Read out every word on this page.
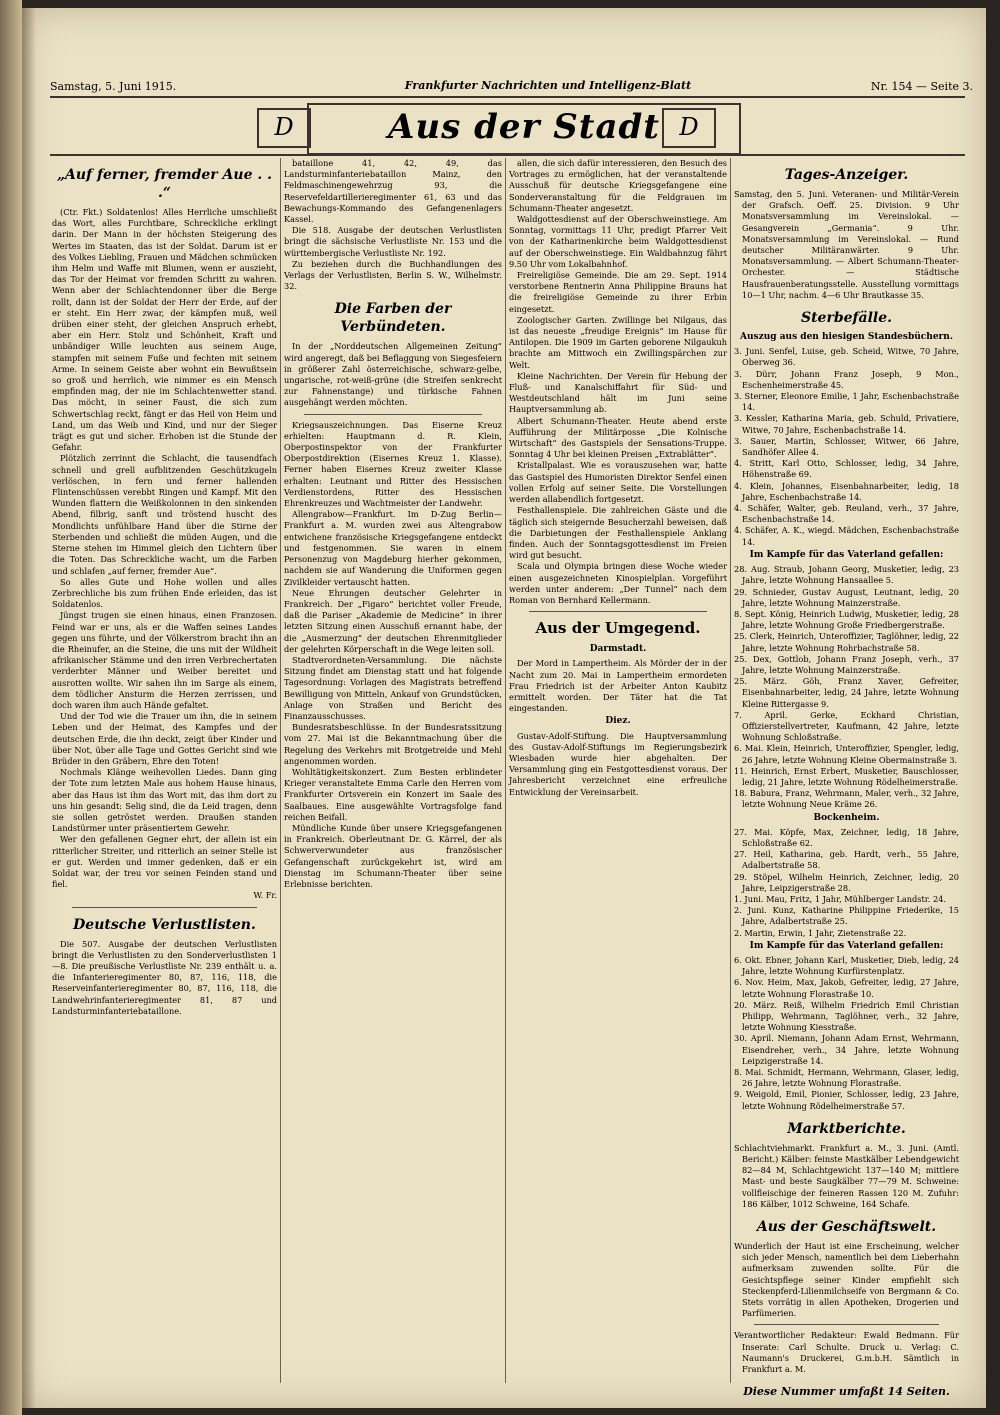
Samstag, 5. Juni 1915.	Frankfurter Nachrichten und Intelligenz-Blatt	Nr. 154 — Seite 3.
D	Aus der Stadt D
„Auf ferner, fremder Aue . . .“

(Ctr. Fkt.) Soldatenlos! Alles Herrliche umschließt das Wort, alles Furchtbare, Schreckliche erklingt darin. Der Mann in der höchsten Steigerung des Wertes im Staaten, das ist der Soldat. Darum ist er des Volkes Liebling, Frauen und Mädchen schmücken ihm Helm und Waffe mit Blumen, wenn er auszieht, das Tor der Heimat vor fremden Schritt zu wahren. Wenn aber der Schlachtendonner über die Berge rollt, dann ist der Soldat der Herr der Erde, auf der er steht. Ein Herr zwar, der kämpfen muß, weil drüben einer steht, der gleichen Anspruch erhebt, aber ein Herr. Stolz und Schönheit, Kraft und unbändiger Wille leuchten aus seinem Auge, stampfen mit seinem Fuße und fechten mit seinem Arme. In seinem Geiste aber wohnt ein Bewußtsein so groß und herrlich, wie nimmer es ein Mensch empfinden mag, der nie im Schlachtenwetter stand. Das möcht, in seiner Faust, die sich zum Schwertschlag reckt, fängt er das Heil von Heim und Land, um das Weib und Kind, und nur der Sieger trägt es gut und sicher. Erhoben ist die Stunde der Gefahr.

Plötzlich zerrinnt die Schlacht, die tausendfach schnell und grell aufblitzenden Geschützkugeln verlöschen, in fern und ferner hallenden Flintenschüssen verebbt Ringen und Kampf. Mit den Wunden flattern die Weißkolonnen in den sinkenden Abend, filbrig, sanft und tröstend huscht des Mondlichts unfühlbare Hand über die Stirne der Sterbenden und schließt die müden Augen, und die Sterne stehen im Himmel gleich den Lichtern über die Toten. Das Schreckliche wacht, um die Farben und schlafen „auf ferner, fremder Aue“.

So alles Gute und Hohe wollen und alles Zerbrechliche bis zum frühen Ende erleiden, das ist Soldatenlos.

Jüngst trugen sie einen hinaus, einen Franzosen. Feind war er uns, als er die Waffen seines Landes gegen uns führte, und der Völkerstrom bracht ihn an die Rheinufer, an die Steine, die uns mit der Wildheit afrikanischer Stämme und den irren Verbrechertaten verderbter Männer und Weiber bereitet und ausrotten wollte. Wir sahen ihn im Sarge als einem, dem tödlicher Ansturm die Herzen zerrissen, und doch waren ihm auch Hände gefaltet.

Und der Tod wie die Trauer um ihn, die in seinem Leben und der Heimat, des Kampfes und der deutschen Erde, die ihn deckt, zeigt über Kinder und über Not, über alle Tage und Gottes Gericht sind wie Brüder in den Gräbern, Ehre den Toten!

Nochmals Klänge weihevollen Liedes. Dann ging der Tote zum letzten Male aus hohem Hause hinaus, aber das Haus ist ihm das Wort mit, das ihm dort zu uns hin gesandt: Selig sind, die da Leid tragen, denn sie sollen getröstet werden. Draußen standen Landstürmer unter präsentiertem Gewehr.

Wer den gefallenen Gegner ehrt, der allein ist ein ritterlicher Streiter, und ritterlich an seiner Stelle ist er gut. Werden und immer gedenken, daß er ein Soldat war, der treu vor seinen Feinden stand und fiel.

W. Fr.

Deutsche Verlustlisten.

Die 507. Ausgabe der deutschen Verlustlisten bringt die Verlustlisten zu den Sonderverlustlisten 1—8. Die preußische Verlustliste Nr. 239 enthält u. a. die Infanterieregimenter 80, 87, 116, 118, die Reserveinfanterieregimenter 80, 87, 116, 118, die Landwehrinfanterieregimenter 81, 87 und Landsturminfanteriebataillone.

bataillone 41, 42, 49, das Landsturminfanteriebataillon Mainz, den Feldmaschinengewehrzug 93, die Reservefeldartillerieregimenter 61, 63 und das Bewachungs-Kommando des Gefangenenlagers Kassel.

Die 518. Ausgabe der deutschen Verlustlisten bringt die sächsische Verlustliste Nr. 153 und die württembergische Verlustliste Nr. 192.

Zu beziehen durch die Buchhandlungen des Verlags der Verlustlisten, Berlin S. W., Wilhelmstr. 32.

Die Farben der Verbündeten.

In der „Norddeutschen Allgemeinen Zeitung“ wird angeregt, daß bei Beflaggung von Siegesfeiern in größerer Zahl österreichische, schwarz-gelbe, ungarische, rot-weiß-grüne (die Streifen senkrecht zur Fahnenstange) und türkische Fahnen ausgehängt werden möchten.

Kriegsauszeichnungen. Das Eiserne Kreuz erhielten: Hauptmann d. R. Klein, Oberpostinspektor von der Frankfurter Oberpostdirektion (Eisernes Kreuz 1. Klasse). Ferner haben Eisernes Kreuz zweiter Klasse erhalten: Leutnant und Ritter des Hessischen Verdienstordens, Ritter des Hessischen Ehrenkreuzes und Wachtmeister der Landwehr.

Allengrabow—Frankfurt. Im D-Zug Berlin—Frankfurt a. M. wurden zwei aus Altengrabow entwichene französische Kriegsgefangene entdeckt und festgenommen. Sie waren in einem Personenzug von Magdeburg hierher gekommen, nachdem sie auf Wanderung die Uniformen gegen Zivilkleider vertauscht hatten.

Neue Ehrungen deutscher Gelehrter in Frankreich. Der „Figaro“ berichtet voller Freude, daß die Pariser „Akademie de Medicine“ in ihrer letzten Sitzung einen Ausschuß ernannt habe, der die „Ausmerzung“ der deutschen Ehrenmitglieder der gelehrten Körperschaft in die Wege leiten soll.

Stadtverordneten-Versammlung. Die nächste Sitzung findet am Dienstag statt und hat folgende Tagesordnung: Vorlagen des Magistrats betreffend Bewilligung von Mitteln, Ankauf von Grundstücken, Anlage von Straßen und Bericht des Finanzausschusses.

Bundesratsbeschlüsse. In der Bundesratssitzung vom 27. Mai ist die Bekanntmachung über die Regelung des Verkehrs mit Brotgetreide und Mehl angenommen worden.

Wohltätigkeitskonzert. Zum Besten erblindeter Krieger veranstaltete Emma Carle den Herren vom Frankfurter Ortsverein ein Konzert im Saale des Saalbaues. Eine ausgewählte Vortragsfolge fand reichen Beifall.

Mündliche Kunde über unsere Kriegsgefangenen in Frankreich. Oberleutnant Dr. G. Kärrel, der als Schwerverwundeter aus französischer Gefangenschaft zurückgekehrt ist, wird am Dienstag im Schumann-Theater über seine Erlebnisse berichten.

allen, die sich dafür interessieren, den Besuch des Vortrages zu ermöglichen, hat der veranstaltende Ausschuß für deutsche Kriegsgefangene eine Sonderveranstaltung für die Feldgrauen im Schumann-Theater angesetzt.

Waldgottesdienst auf der Oberschweinstiege. Am Sonntag, vormittags 11 Uhr, predigt Pfarrer Veit von der Katharinenkirche beim Waldgottesdienst auf der Oberschweinstiege. Ein Waldbahnzug fährt 9.50 Uhr vom Lokalbahnhof.

Freireligiöse Gemeinde. Die am 29. Sept. 1914 verstorbene Rentnerin Anna Philippine Brauns hat die freireligiöse Gemeinde zu ihrer Erbin eingesetzt.

Zoologischer Garten. Zwillinge bei Nilgaus, das ist das neueste „freudige Ereignis“ im Hause für Antilopen. Die 1909 im Garten geborene Nilgaukuh brachte am Mittwoch ein Zwillingspärchen zur Welt.

Kleine Nachrichten. Der Verein für Hebung der Fluß- und Kanalschiffahrt für Süd- und Westdeutschland hält im Juni seine Hauptversammlung ab.

Albert Schumann-Theater. Heute abend erste Aufführung der Militärposse „Die Kolnische Wirtschaft“ des Gastspiels der Sensations-Truppe. Sonntag 4 Uhr bei kleinen Preisen „Extrablätter“.

Kristallpalast. Wie es vorauszusehen war, hatte das Gastspiel des Humoristen Direktor Senfel einen vollen Erfolg auf seiner Seite. Die Vorstellungen werden allabendlich fortgesetzt.

Festhallenspiele. Die zahlreichen Gäste und die täglich sich steigernde Besucherzahl beweisen, daß die Darbietungen der Festhallenspiele Anklang finden. Auch der Sonntagsgottesdienst im Freien wird gut besucht.

Scala und Olympia bringen diese Woche wieder einen ausgezeichneten Kinospielplan. Vorgeführt werden unter anderem: „Der Tunnel“ nach dem Roman von Bernhard Kellermann.

Aus der Umgegend.
Darmstadt.

Der Mord in Lampertheim. Als Mörder der in der Nacht zum 20. Mai in Lampertheim ermordeten Frau Friedrich ist der Arbeiter Anton Kaubitz ermittelt worden. Der Täter hat die Tat eingestanden.

Diez.

Gustav-Adolf-Stiftung. Die Hauptversammlung des Gustav-Adolf-Stiftungs im Regierungsbezirk Wiesbaden wurde hier abgehalten. Der Versammlung ging ein Festgottesdienst voraus. Der Jahresbericht verzeichnet eine erfreuliche Entwicklung der Vereinsarbeit.

Tages-Anzeiger.

Samstag, den 5. Juni. Veteranen- und Militär-Verein der Grafsch. Oeff. 25. Division. 9 Uhr Monatsversammlung im Vereinslokal. — Gesangverein „Germania“. 9 Uhr. Monatsversammlung im Vereinslokal. — Rund deutscher Militäranwärter. 9 Uhr. Monatsversammlung. — Albert Schumann-Theater-Orchester. — Städtische Hausfrauenberatungsstelle. Ausstellung vormittags 10—1 Uhr, nachm. 4—6 Uhr Brautkasse 35.

Sterbefälle.
Auszug aus den hiesigen Standesbüchern.

3. Juni. Senfel, Luise, geb. Scheid, Witwe, 70 Jahre, Oberweg 36.

3. Dürr, Johann Franz Joseph, 9 Mon., Eschenheimerstraße 45.

3. Sterner, Eleonore Emilie, 1 Jahr, Eschenbachstraße 14.

3. Kessler, Katharina Maria, geb. Schuld, Privatiere, Witwe, 70 Jahre, Eschenbachstraße 14.

3. Sauer, Martin, Schlosser, Witwer, 66 Jahre, Sandhöfer Allee 4.

4. Stritt, Karl Otto, Schlosser, ledig, 34 Jahre, Höhenstraße 69.

4. Klein, Johannes, Eisenbahnarbeiter, ledig, 18 Jahre, Eschenbachstraße 14.

4. Schäfer, Walter, geb. Reuland, verh., 37 Jahre, Eschenbachstraße 14.

4. Schäfer, A. K., wiegd. Mädchen, Eschenbachstraße 14.

Im Kampfe für das Vaterland gefallen:

28. Aug. Straub, Johann Georg, Musketier, ledig, 23 Jahre, letzte Wohnung Hansaallee 5.

29. Schnieder, Gustav August, Leutnant, ledig, 20 Jahre, letzte Wohnung Mainzerstraße.

8. Sept. König, Heinrich Ludwig, Musketier, ledig, 28 Jahre, letzte Wohnung Große Friedbergerstraße.

25. Clerk, Heinrich, Unteroffizier, Taglöhner, ledig, 22 Jahre, letzte Wohnung Rohrbachstraße 58.

25. Dex, Gottlob, Johann Franz Joseph, verh., 37 Jahre, letzte Wohnung Mainzerstraße.

25. März. Göh, Franz Xaver, Gefreiter, Eisenbahnarbeiter, ledig, 24 Jahre, letzte Wohnung Kleine Rittergasse 9.

7. April. Gerke, Eckhard Christian, Offizierstellvertreter, Kaufmann, 42 Jahre, letzte Wohnung Schloßstraße.

6. Mai. Klein, Heinrich, Unteroffizier, Spengler, ledig, 26 Jahre, letzte Wohnung Kleine Obermainstraße 3.

11. Heinrich, Ernst Erbert, Musketier, Bauschlosser, ledig, 21 Jahre, letzte Wohnung Rödelheimerstraße.

18. Babura, Franz, Wehrmann, Maler, verh., 32 Jahre, letzte Wohnung Neue Kräme 26.

Bockenheim.

27. Mai. Köpfe, Max, Zeichner, ledig, 18 Jahre, Schloßstraße 62.

27. Heil, Katharina, geb. Hardt, verh., 55 Jahre, Adalbertstraße 58.

29. Stöpel, Wilhelm Heinrich, Zeichner, ledig, 20 Jahre, Leipzigerstraße 28.

1. Juni. Mau, Fritz, 1 Jahr, Mühlberger Landstr. 24.

2. Juni. Kunz, Katharine Philippine Friederike, 15 Jahre, Adalbertstraße 25.

2. Martin, Erwin, 1 Jahr, Zietenstraße 22.

Im Kampfe für das Vaterland gefallen:

6. Okt. Ebner, Johann Karl, Musketier, Dieb, ledig, 24 Jahre, letzte Wohnung Kurfürstenplatz.

6. Nov. Heim, Max, Jakob, Gefreiter, ledig, 27 Jahre, letzte Wohnung Florastraße 10.

20. März. Reiß, Wilhelm Friedrich Emil Christian Philipp, Wehrmann, Taglöhner, verh., 32 Jahre, letzte Wohnung Kiesstraße.

30. April. Niemann, Johann Adam Ernst, Wehrmann, Eisendreher, verh., 34 Jahre, letzte Wohnung Leipzigerstraße 14.

8. Mai. Schmidt, Hermann, Wehrmann, Glaser, ledig, 26 Jahre, letzte Wohnung Florastraße.

9. Weigold, Emil, Pionier, Schlosser, ledig, 23 Jahre, letzte Wohnung Rödelheimerstraße 57.

Marktberichte.

Schlachtviehmarkt. Frankfurt a. M., 3. Juni. (Amtl. Bericht.) Kälber: feinste Mastkälber Lebendgewicht 82—84 M, Schlachtgewicht 137—140 M; mittlere Mast- und beste Saugkälber 77—79 M. Schweine: vollfleischige der feineren Rassen 120 M. Zufuhr: 186 Kälber, 1012 Schweine, 164 Schafe.

Aus der Geschäftswelt.

Wunderlich der Haut ist eine Erscheinung, welcher sich jeder Mensch, namentlich bei dem Lieberhahn aufmerksam zuwenden sollte. Für die Gesichtspflege seiner Kinder empfiehlt sich Steckenpferd-Lilienmilchseife von Bergmann & Co. Stets vorrätig in allen Apotheken, Drogerien und Parfümerien.

Verantwortlicher Redakteur: Ewald Bedmann. Für Inserate: Carl Schulte. Druck u. Verlag: C. Naumann's Druckerei, G.m.b.H. Sämtlich in Frankfurt a. M.

Diese Nummer umfaßt 14 Seiten.
